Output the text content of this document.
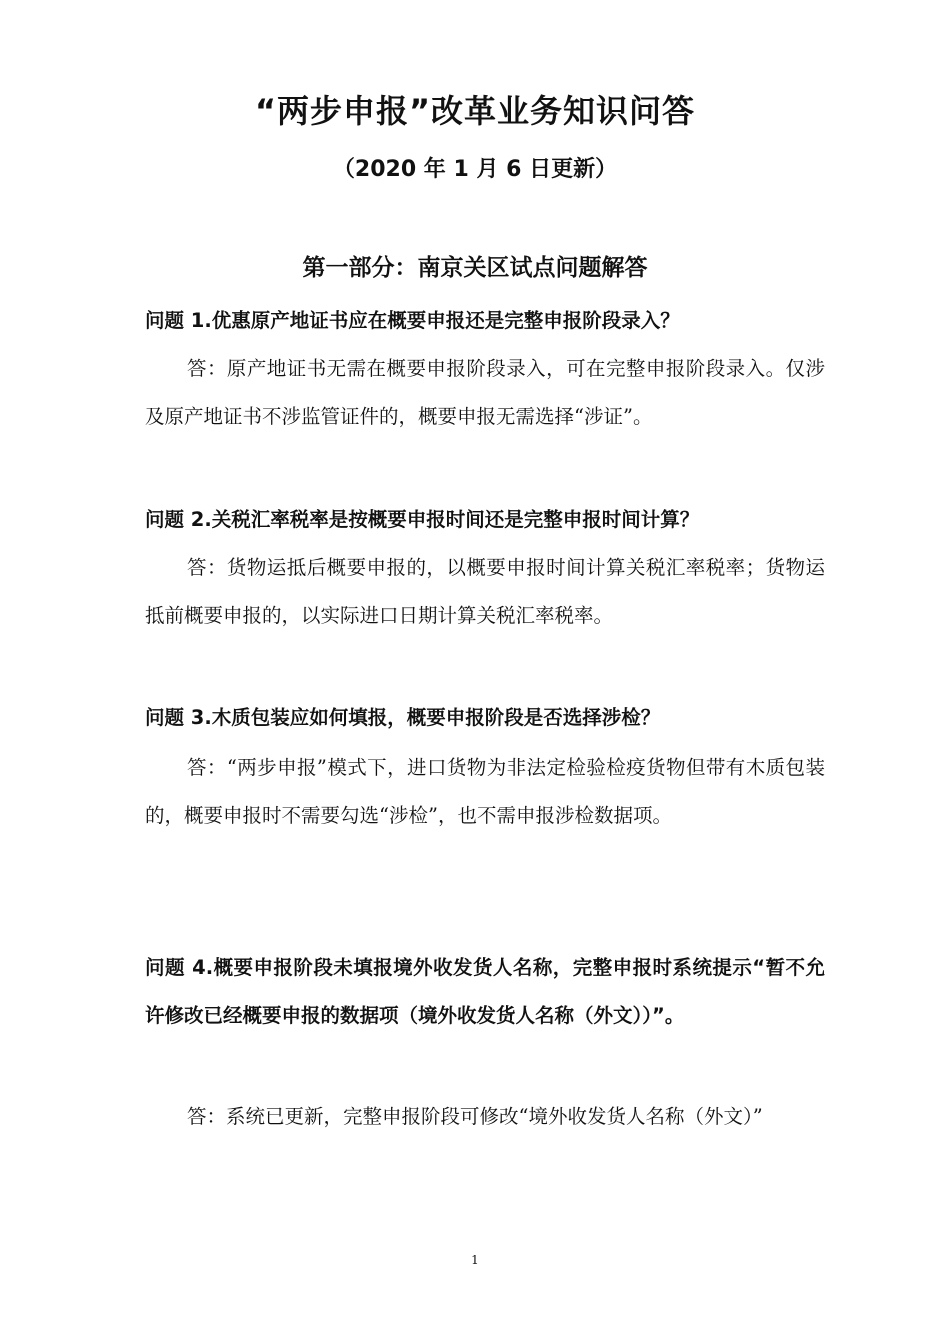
“两步申报”改革业务知识问答
（2020 年 1 月 6 日更新）
第一部分：南京关区试点问题解答
问题 1.优惠原产地证书应在概要申报还是完整申报阶段录入？
答：原产地证书无需在概要申报阶段录入，可在完整申报阶段录入。仅涉及原产地证书不涉监管证件的，概要申报无需选择“涉证”。
问题 2.关税汇率税率是按概要申报时间还是完整申报时间计算？
答：货物运抵后概要申报的，以概要申报时间计算关税汇率税率；货物运抵前概要申报的，以实际进口日期计算关税汇率税率。
问题 3.木质包装应如何填报，概要申报阶段是否选择涉检？
答：“两步申报”模式下，进口货物为非法定检验检疫货物但带有木质包装的，概要申报时不需要勾选“涉检”，也不需申报涉检数据项。
问题 4.概要申报阶段未填报境外收发货人名称，完整申报时系统提示“暂不允许修改已经概要申报的数据项（境外收发货人名称（外文））”。
答：系统已更新，完整申报阶段可修改“境外收发货人名称（外文）”
1
